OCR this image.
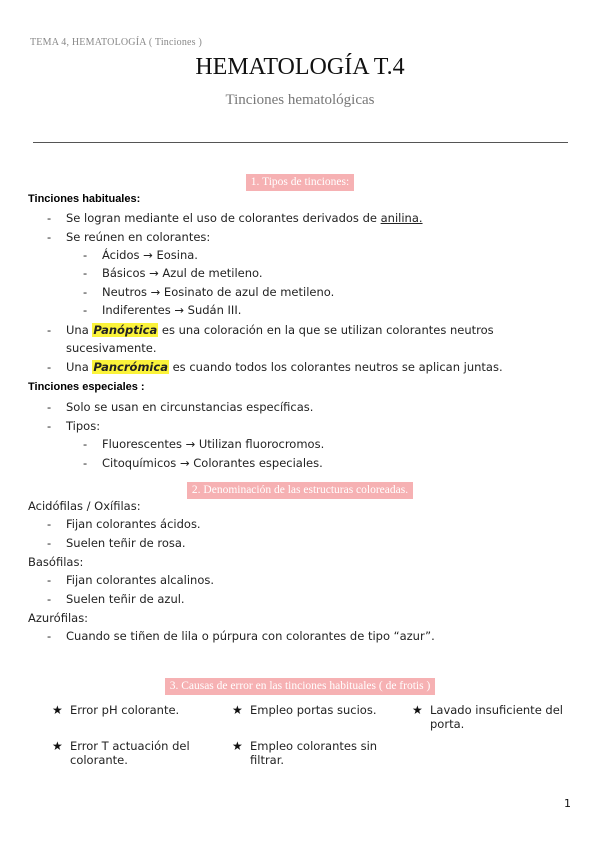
TEMA 4, HEMATOLOGÍA ( Tinciones )
HEMATOLOGÍA T.4
Tinciones hematológicas
1. Tipos de tinciones:
Tinciones habituales:
- Se logran mediante el uso de colorantes derivados de anilina.
- Se reúnen en colorantes:
- Ácidos → Eosina.
- Básicos → Azul de metileno.
- Neutros → Eosinato de azul de metileno.
- Indiferentes → Sudán III.
- Una Panóptica es una coloración en la que se utilizan colorantes neutros sucesivamente.
- Una Pancrómica es cuando todos los colorantes neutros se aplican juntas.
Tinciones especiales :
- Solo se usan en circunstancias específicas.
- Tipos:
- Fluorescentes → Utilizan fluorocromos.
- Citoquímicos → Colorantes especiales.
2. Denominación de las estructuras coloreadas.
Acidófilas / Oxífilas:
- Fijan colorantes ácidos.
- Suelen teñir de rosa.
Basófilas:
- Fijan colorantes alcalinos.
- Suelen teñir de azul.
Azurófilas:
- Cuando se tiñen de lila o púrpura con colorantes de tipo “azur”.
3. Causas de error en las tinciones habituales ( de frotis )
★ Error pH colorante.	★ Empleo portas sucios.	★ Lavado insuficiente del porta.
★ Error T actuación del colorante.
★ Empleo colorantes sin filtrar.
1
